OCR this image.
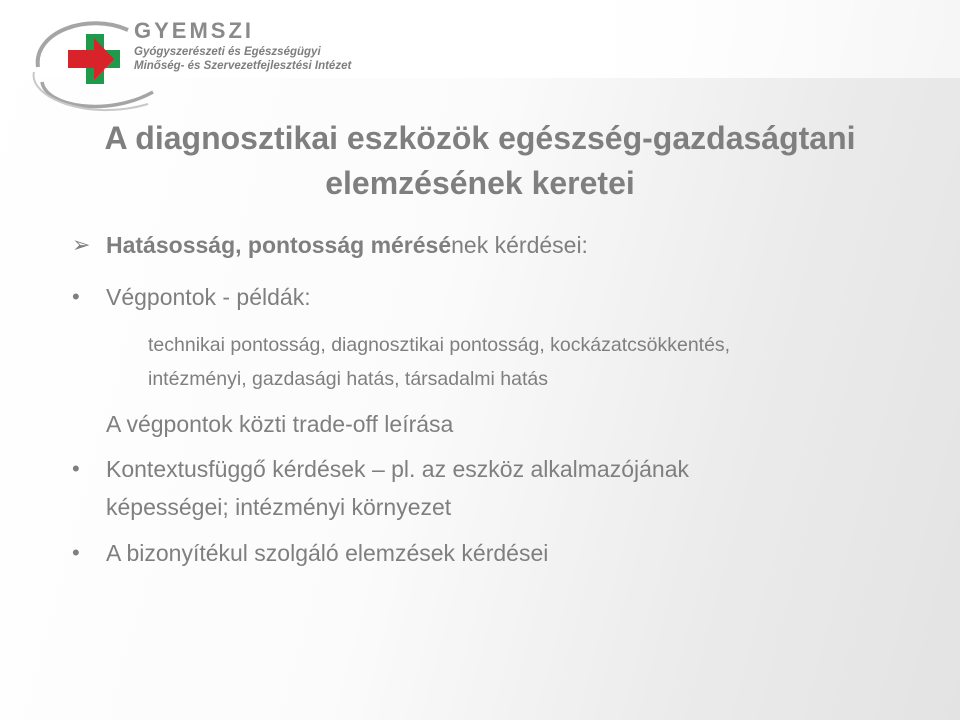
GYEMSZI
Gyógyszerészeti és Egészségügyi
Minőség- és Szervezetfejlesztési Intézet
A diagnosztikai eszközök egészség-gazdaságtani
elemzésének keretei
➢ Hatásosság, pontosság mérésének kérdései:
• Végpontok - példák:
technikai pontosság, diagnosztikai pontosság, kockázatcsökkentés,
intézményi, gazdasági hatás, társadalmi hatás
A végpontok közti trade-off leírása
• Kontextusfüggő kérdések – pl. az eszköz alkalmazójának
képességei; intézményi környezet
• A bizonyítékul szolgáló elemzések kérdései
